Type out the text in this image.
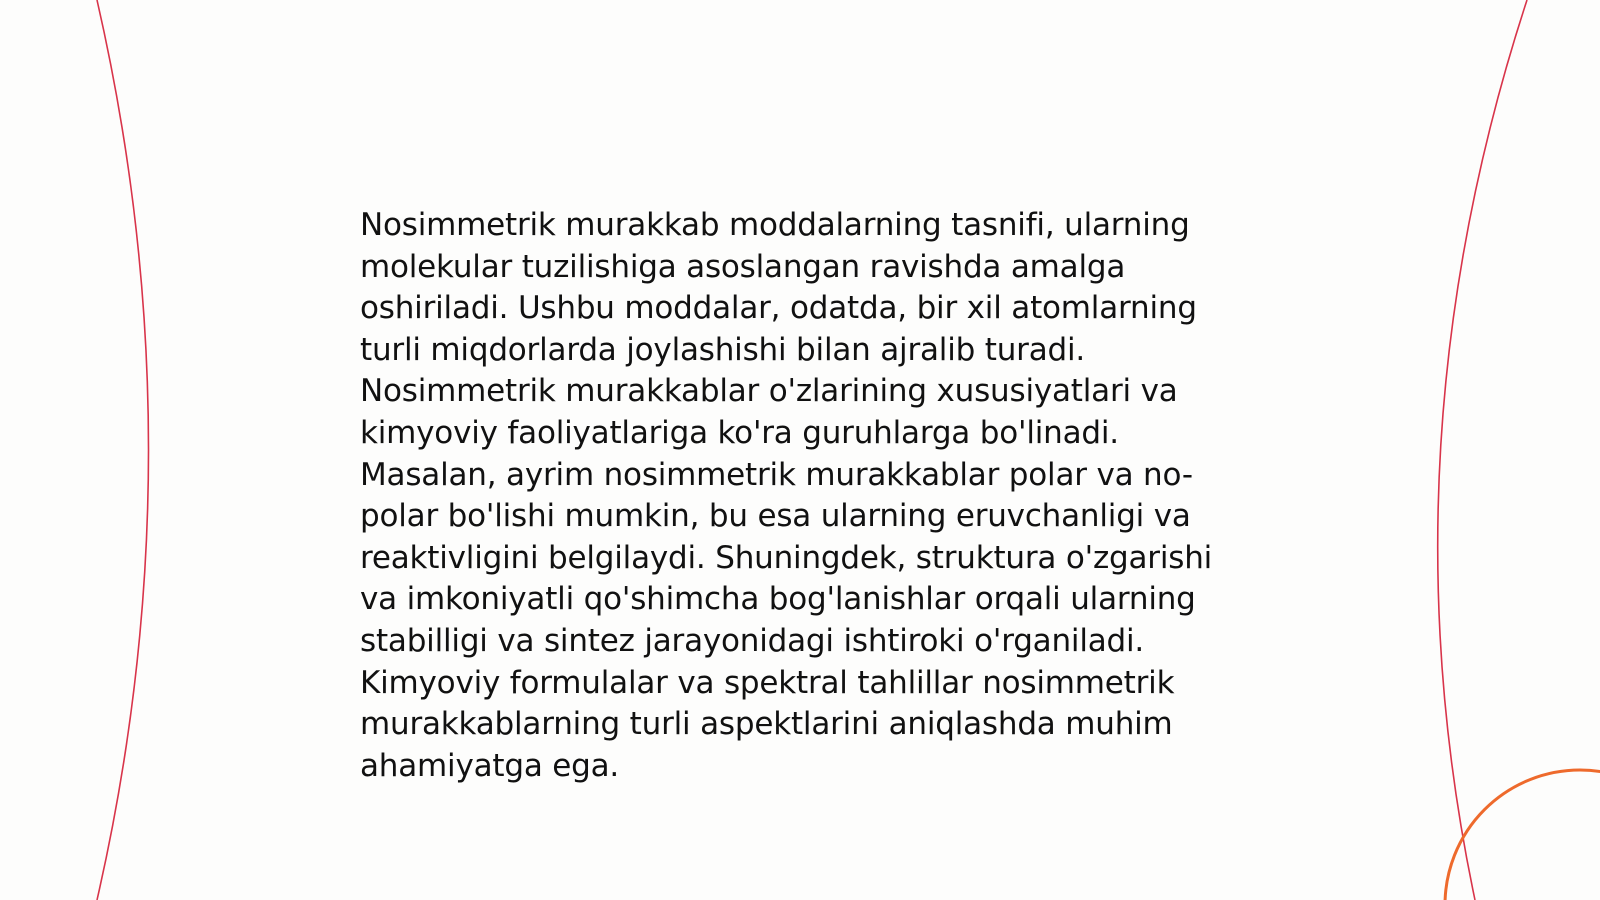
Nosimmetrik murakkab moddalarning tasnifi, ularning molekular tuzilishiga asoslangan ravishda amalga oshiriladi. Ushbu moddalar, odatda, bir xil atomlarning turli miqdorlarda joylashishi bilan ajralib turadi. Nosimmetrik murakkablar o'zlarining xususiyatlari va kimyoviy faoliyatlariga ko'ra guruhlarga bo'linadi. Masalan, ayrim nosimmetrik murakkablar polar va no-polar bo'lishi mumkin, bu esa ularning eruvchanligi va reaktivligini belgilaydi. Shuningdek, struktura o'zgarishi va imkoniyatli qo'shimcha bog'lanishlar orqali ularning stabilligi va sintez jarayonidagi ishtiroki o'rganiladi. Kimyoviy formulalar va spektral tahlillar nosimmetrik murakkablarning turli aspektlarini aniqlashda muhim ahamiyatga ega.
